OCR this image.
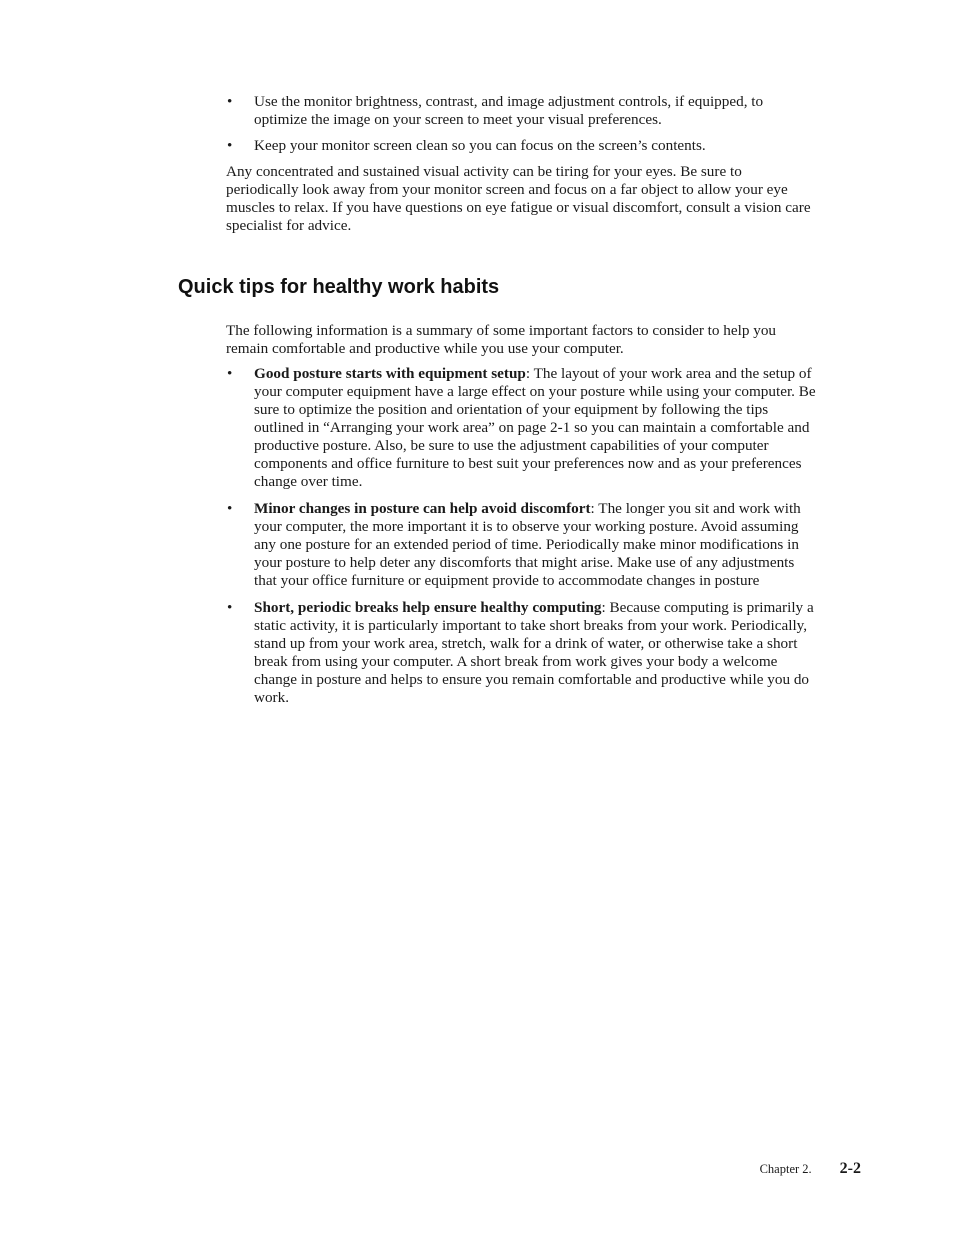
• Use the monitor brightness, contrast, and image adjustment controls, if equipped, to optimize the image on your screen to meet your visual preferences.
• Keep your monitor screen clean so you can focus on the screen’s contents.

Any concentrated and sustained visual activity can be tiring for your eyes. Be sure to periodically look away from your monitor screen and focus on a far object to allow your eye muscles to relax. If you have questions on eye fatigue or visual discomfort, consult a vision care specialist for advice.

Quick tips for healthy work habits

The following information is a summary of some important factors to consider to help you remain comfortable and productive while you use your computer.

• Good posture starts with equipment setup: The layout of your work area and the setup of your computer equipment have a large effect on your posture while using your computer. Be sure to optimize the position and orientation of your equipment by following the tips outlined in “Arranging your work area” on page 2-1 so you can maintain a comfortable and productive posture. Also, be sure to use the adjustment capabilities of your computer components and office furniture to best suit your preferences now and as your preferences change over time.
• Minor changes in posture can help avoid discomfort: The longer you sit and work with your computer, the more important it is to observe your working posture. Avoid assuming any one posture for an extended period of time. Periodically make minor modifications in your posture to help deter any discomforts that might arise. Make use of any adjustments that your office furniture or equipment provide to accommodate changes in posture
• Short, periodic breaks help ensure healthy computing: Because computing is primarily a static activity, it is particularly important to take short breaks from your work. Periodically, stand up from your work area, stretch, walk for a drink of water, or otherwise take a short break from using your computer. A short break from work gives your body a welcome change in posture and helps to ensure you remain comfortable and productive while you do work.
Chapter 2. 2-2
